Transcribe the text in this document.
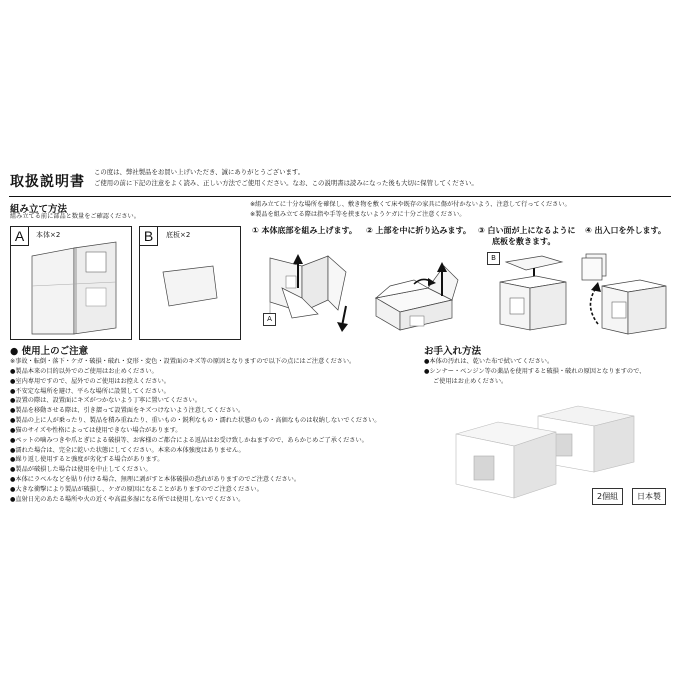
取扱説明書
この度は、弊社製品をお買い上げいただき、誠にありがとうございます。
ご使用の前に下記の注意をよく読み、正しい方法でご使用ください。なお、この説明書は読みになった後も大切に保管してください。
組み立て方法
組み立てる前に部品と数量をご確認ください。
※組み立てに十分な場所を確保し、敷き物を敷くて床や既存の家具に傷が付かないよう、注意して行ってください。
※製品を組み立てる際は指や手等を挟まないようケガに十分ご注意ください。
A	本体×2	B	底板×2	① 本体底部を組み上げます。 ② 上部を中に折り込みます。 ③ 白い面が上になるように
底板を敷きます。
④ 出入口を外します。
A
B
● 使用上のご注意
※事故・転倒・落下・ケガ・破損・破れ・変形・変色・設置面のキズ等の原因となりますので以下の点にはご注意ください。
●製品本来の目的以外でのご使用はお止めください。
●室内専用ですので、屋外でのご使用はお控えください。
●不安定な場所を避け、平らな場所に設置してください。
●設置の際は、設置面にキズがつかないよう丁寧に置いてください。
●製品を移動させる際は、引き摺って設置面をキズつけないよう注意してください。
●製品の上に人が乗ったり、製品を積み重ねたり、重いもの・鋭利なもの・濡れた状態のもの・高価なものは収納しないでください。
●猫のサイズや性格によっては使用できない場合があります。
●ペットの噛みつきや爪とぎによる破損等、お客様のご都合による返品はお受け致しかねますので、あらかじめご了承ください。
●濡れた場合は、完全に乾いた状態にしてください。本来の本体強度はありません。
●繰り返し使用すると強度が劣化する場合があります。
●製品が破損した場合は使用を中止してください。
●本体にラベルなどを貼り付ける場合、無理に剥がすと本体破損の恐れがありますのでご注意ください。
●大きな衝撃により製品が破損し、ケガの原因になることがありますのでご注意ください。
●直射日光のあたる場所や火の近くや高温多湿になる所では使用しないでください。
お手入れ方法
●本体の汚れは、乾いた布で拭いてください。
●シンナー・ベンジン等の薬品を使用すると破損・破れの原因となりますので、
ご使用はお止めください。
2個組	日本製
